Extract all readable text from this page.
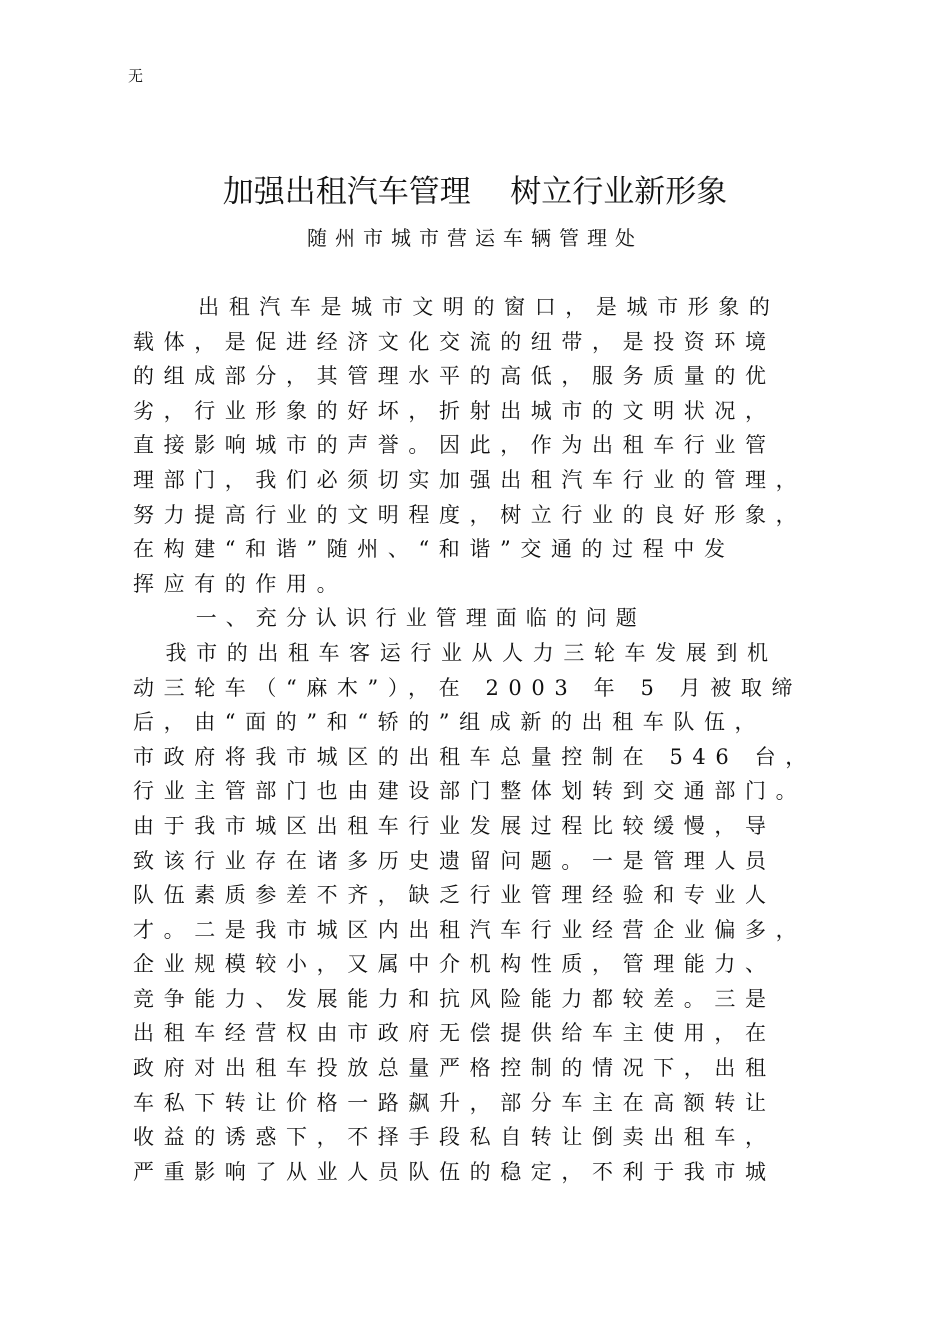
无
加强出租汽车管理    树立行业新形象
随州市城市营运车辆管理处
出租汽车是城市文明的窗口，是城市形象的
载体，是促进经济文化交流的纽带，是投资环境
的组成部分，其管理水平的高低，服务质量的优
劣，行业形象的好坏，折射出城市的文明状况，
直接影响城市的声誉。因此，作为出租车行业管
理部门，我们必须切实加强出租汽车行业的管理，
努力提高行业的文明程度，树立行业的良好形象，
在构建“和谐”随州、“和谐”交通的过程中发
挥应有的作用。
一、充分认识行业管理面临的问题
我市的出租车客运行业从人力三轮车发展到机
动三轮车（“麻木”），在 2003 年 5 月被取缔
后，由“面的”和“轿的”组成新的出租车队伍，
市政府将我市城区的出租车总量控制在 546 台，
行业主管部门也由建设部门整体划转到交通部门。
由于我市城区出租车行业发展过程比较缓慢，导
致该行业存在诸多历史遗留问题。一是管理人员
队伍素质参差不齐，缺乏行业管理经验和专业人
才。二是我市城区内出租汽车行业经营企业偏多，
企业规模较小，又属中介机构性质，管理能力、
竞争能力、发展能力和抗风险能力都较差。三是
出租车经营权由市政府无偿提供给车主使用，在
政府对出租车投放总量严格控制的情况下，出租
车私下转让价格一路飙升，部分车主在高额转让
收益的诱惑下，不择手段私自转让倒卖出租车，
严重影响了从业人员队伍的稳定，不利于我市城
